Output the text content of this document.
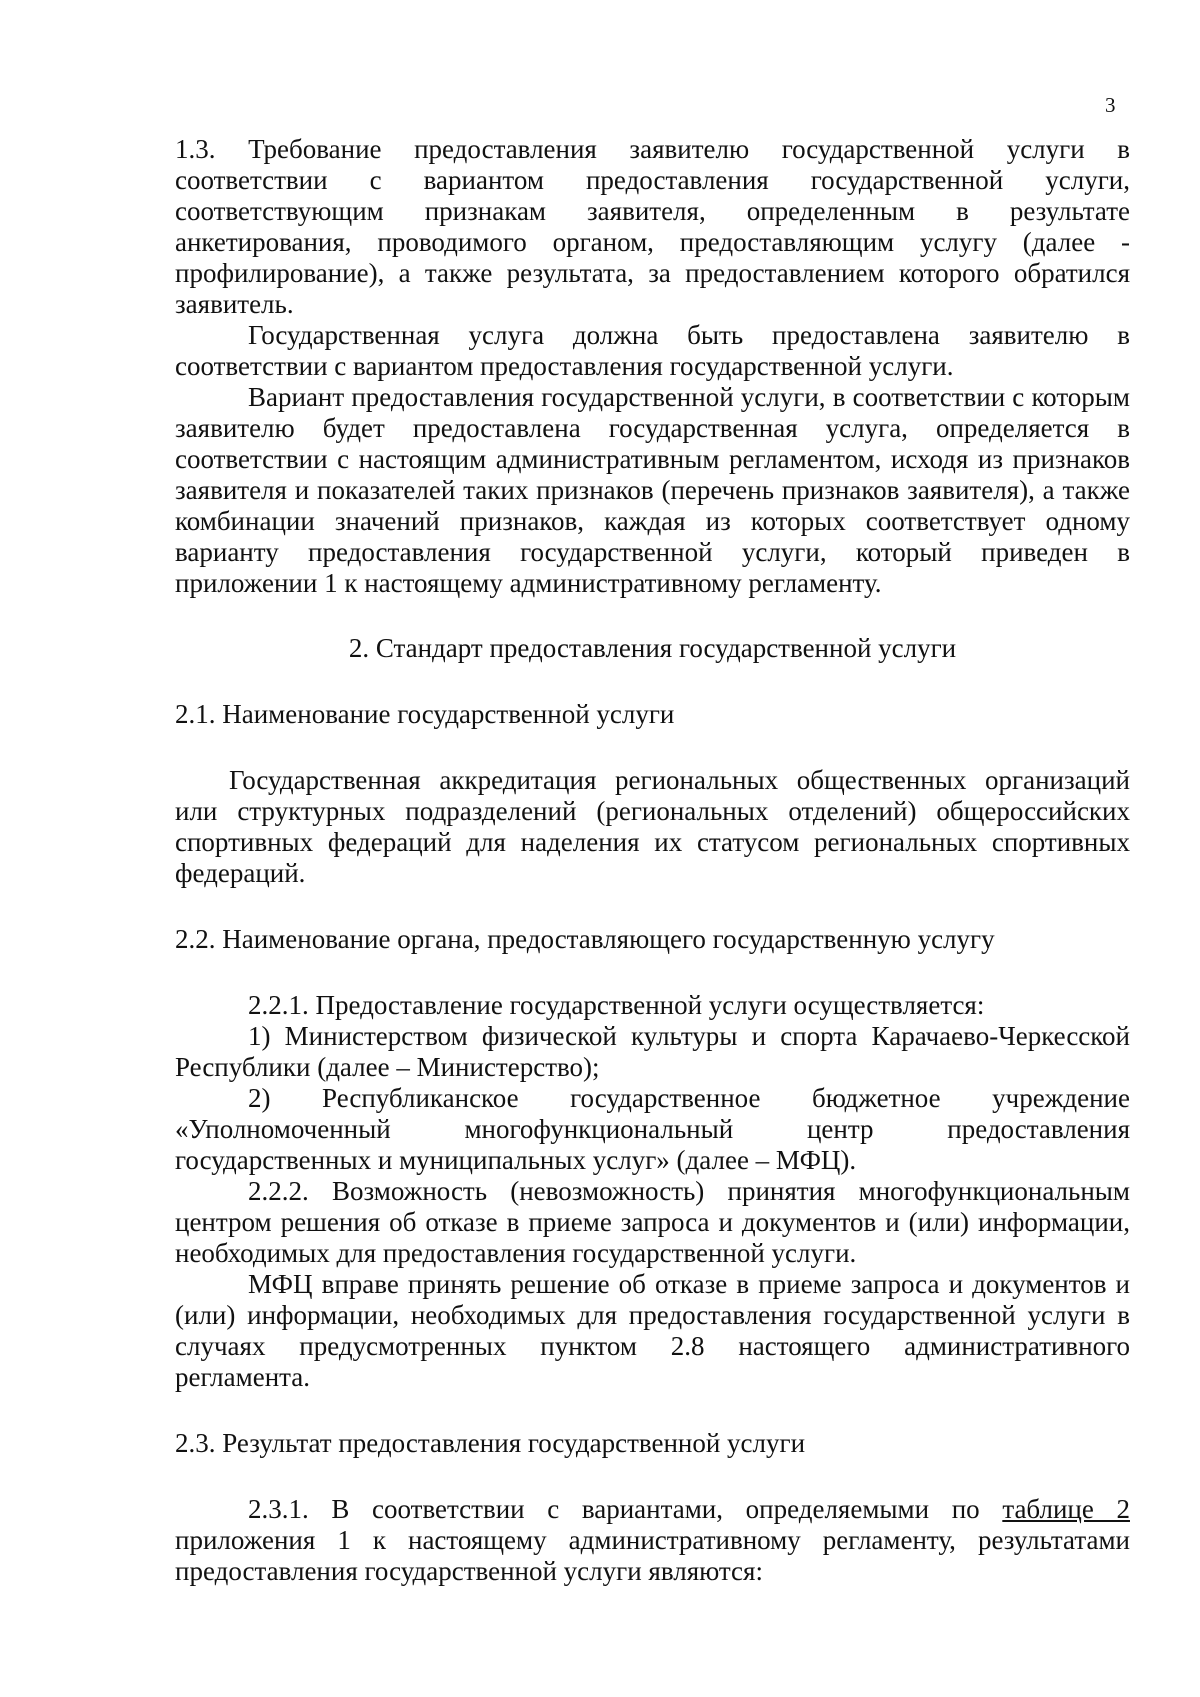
3

1.3. Требование предоставления заявителю государственной услуги в соответствии с вариантом предоставления государственной услуги, соответствующим признакам заявителя, определенным в результате анкетирования, проводимого органом, предоставляющим услугу (далее - профилирование), а также результата, за предоставлением которого обратился заявитель.

Государственная услуга должна быть предоставлена заявителю в соответствии с вариантом предоставления государственной услуги.

Вариант предоставления государственной услуги, в соответствии с которым заявителю будет предоставлена государственная услуга, определяется в соответствии с настоящим административным регламентом, исходя из признаков заявителя и показателей таких признаков (перечень признаков заявителя), а также комбинации значений признаков, каждая из которых соответствует одному варианту предоставления государственной услуги, который приведен в приложении 1 к настоящему административному регламенту.

2. Стандарт предоставления государственной услуги
2.1. Наименование государственной услуги

Государственная аккредитация региональных общественных организаций или структурных подразделений (региональных отделений) общероссийских спортивных федераций для наделения их статусом региональных спортивных федераций.

2.2. Наименование органа, предоставляющего государственную услугу

2.2.1. Предоставление государственной услуги осуществляется:

1) Министерством физической культуры и спорта Карачаево-Черкесской Республики (далее – Министерство);

2) Республиканское государственное бюджетное учреждение «Уполномоченный многофункциональный центр предоставления государственных и муниципальных услуг» (далее – МФЦ).

2.2.2. Возможность (невозможность) принятия многофункциональным центром решения об отказе в приеме запроса и документов и (или) информации, необходимых для предоставления государственной услуги.

МФЦ вправе принять решение об отказе в приеме запроса и документов и (или) информации, необходимых для предоставления государственной услуги в случаях предусмотренных пунктом 2.8 настоящего административного регламента.

2.3. Результат предоставления государственной услуги

2.3.1. В соответствии с вариантами, определяемыми по таблице 2 приложения 1 к настоящему административному регламенту, результатами предоставления государственной услуги являются:
